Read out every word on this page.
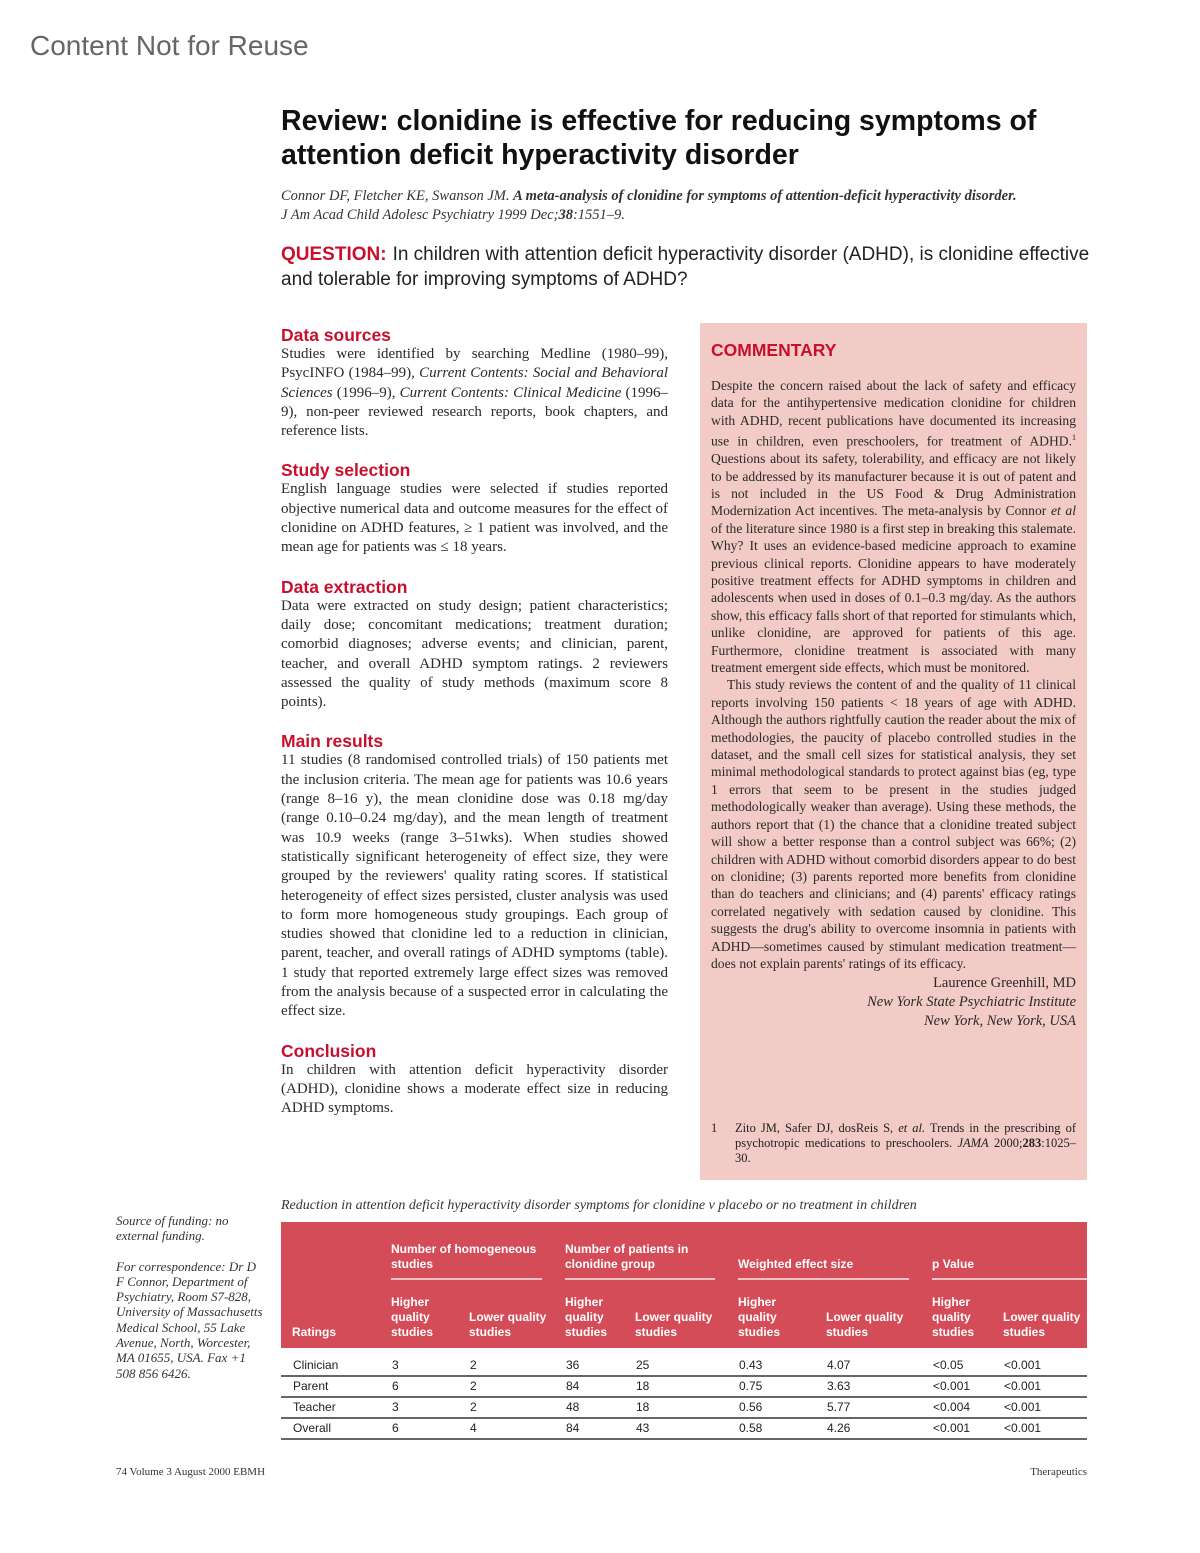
Content Not for Reuse
Review: clonidine is effective for reducing symptoms of attention deficit hyperactivity disorder
Connor DF, Fletcher KE, Swanson JM. A meta-analysis of clonidine for symptoms of attention-deficit hyperactivity disorder.
J Am Acad Child Adolesc Psychiatry 1999 Dec;38:1551–9.
QUESTION: In children with attention deficit hyperactivity disorder (ADHD), is clonidine effective and tolerable for improving symptoms of ADHD?
Data sources

Studies were identified by searching Medline (1980–99), PsycINFO (1984–99), Current Contents: Social and Behavioral Sciences (1996–9), Current Contents: Clinical Medicine (1996–9), non-peer reviewed research reports, book chapters, and reference lists.

Study selection

English language studies were selected if studies reported objective numerical data and outcome measures for the effect of clonidine on ADHD features, ≥ 1 patient was involved, and the mean age for patients was ≤ 18 years.

Data extraction

Data were extracted on study design; patient characteristics; daily dose; concomitant medications; treatment duration; comorbid diagnoses; adverse events; and clinician, parent, teacher, and overall ADHD symptom ratings. 2 reviewers assessed the quality of study methods (maximum score 8 points).

Main results

11 studies (8 randomised controlled trials) of 150 patients met the inclusion criteria. The mean age for patients was 10.6 years (range 8–16 y), the mean clonidine dose was 0.18 mg/day (range 0.10–0.24 mg/day), and the mean length of treatment was 10.9 weeks (range 3–51wks). When studies showed statistically significant heterogeneity of effect size, they were grouped by the reviewers' quality rating scores. If statistical heterogeneity of effect sizes persisted, cluster analysis was used to form more homogeneous study groupings. Each group of studies showed that clonidine led to a reduction in clinician, parent, teacher, and overall ratings of ADHD symptoms (table). 1 study that reported extremely large effect sizes was removed from the analysis because of a suspected error in calculating the effect size.

Conclusion

In children with attention deficit hyperactivity disorder (ADHD), clonidine shows a moderate effect size in reducing ADHD symptoms.

COMMENTARY

Despite the concern raised about the lack of safety and efficacy data for the antihypertensive medication clonidine for children with ADHD, recent publications have documented its increasing use in children, even preschoolers, for treatment of ADHD.$^1$ Questions about its safety, tolerability, and efficacy are not likely to be addressed by its manufacturer because it is out of patent and is not included in the US Food & Drug Administration Modernization Act incentives. The meta-analysis by Connor et al of the literature since 1980 is a first step in breaking this stalemate. Why? It uses an evidence-based medicine approach to examine previous clinical reports. Clonidine appears to have moderately positive treatment effects for ADHD symptoms in children and adolescents when used in doses of 0.1–0.3 mg/day. As the authors show, this efficacy falls short of that reported for stimulants which, unlike clonidine, are approved for patients of this age. Furthermore, clonidine treatment is associated with many treatment emergent side effects, which must be monitored.

This study reviews the content of and the quality of 11 clinical reports involving 150 patients < 18 years of age with ADHD. Although the authors rightfully caution the reader about the mix of methodologies, the paucity of placebo controlled studies in the dataset, and the small cell sizes for statistical analysis, they set minimal methodological standards to protect against bias (eg, type 1 errors that seem to be present in the studies judged methodologically weaker than average). Using these methods, the authors report that (1) the chance that a clonidine treated subject will show a better response than a control subject was 66%; (2) children with ADHD without comorbid disorders appear to do best on clonidine; (3) parents reported more benefits from clonidine than do teachers and clinicians; and (4) parents' efficacy ratings correlated negatively with sedation caused by clonidine. This suggests the drug's ability to overcome insomnia in patients with ADHD—sometimes caused by stimulant medication treatment—does not explain parents' ratings of its efficacy.

Laurence Greenhill, MD
New York State Psychiatric Institute
New York, New York, USA
1	Zito JM, Safer DJ, dosReis S, et al. Trends in the prescribing of psychotropic medications to preschoolers. JAMA 2000;283:1025–30.

Source of funding: no external funding.

For correspondence: Dr D F Connor, Department of Psychiatry, Room S7-828, University of Massachusetts Medical School, 55 Lake Avenue, North, Worcester, MA 01655, USA. Fax +1 508 856 6426.

Reduction in attention deficit hyperactivity disorder symptoms for clonidine v placebo or no treatment in children
Ratings	Number of homogeneous studies		Number of patients in clonidine group		Weighted effect size		p Value	

	Higher quality studies	Lower quality studies	Higher quality studies	Lower quality studies	Higher quality studies	Lower quality studies	Higher quality studies	Lower quality studies
Clinician	3	2	36	25	0.43	4.07	<0.05	<0.001
Parent	6	2	84	18	0.75	3.63	<0.001	<0.001
Teacher	3	2	48	18	0.56	5.77	<0.004	<0.001
Overall	6	4	84	43	0.58	4.26	<0.001	<0.001
74 Volume 3 August 2000 EBMH	Therapeutics
